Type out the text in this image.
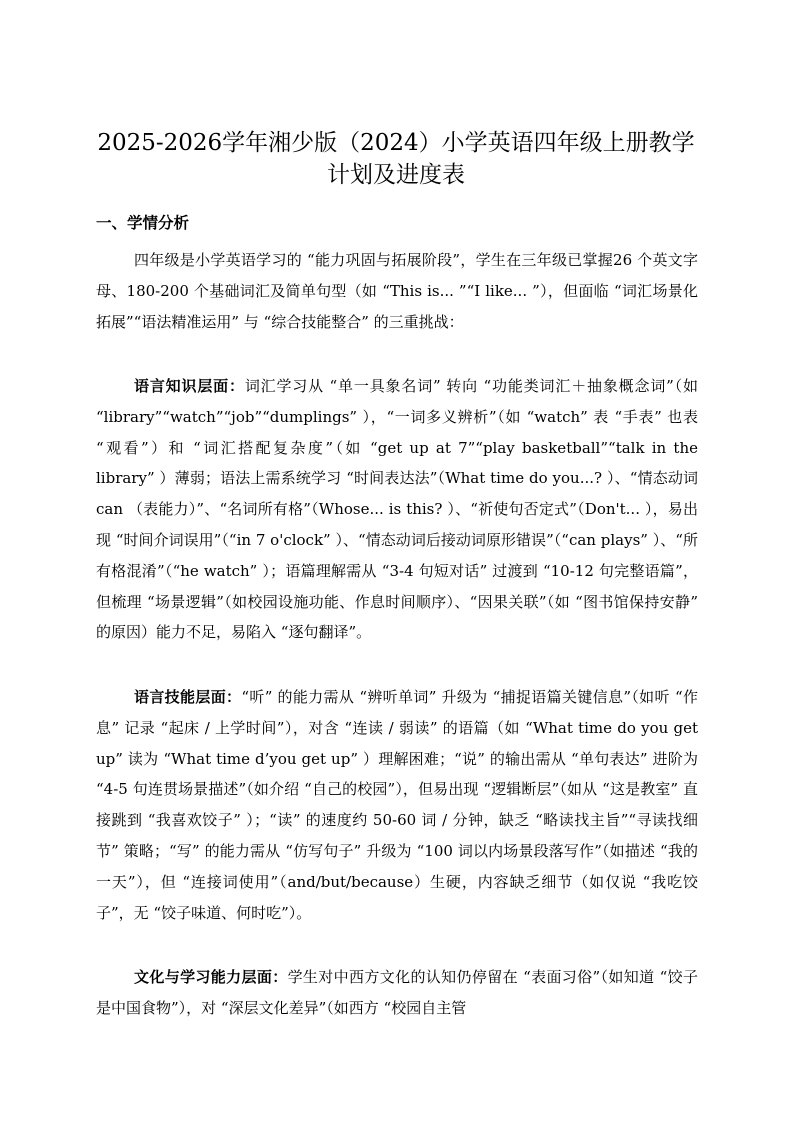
2025-2026学年湘少版（2024）小学英语四年级上册教学
计划及进度表
一、学情分析

四年级是小学英语学习的 “能力巩固与拓展阶段”，学生在三年级已掌握26 个英文字母、180-200 个基础词汇及简单句型（如 “This is... ”“I like... ”），但面临 “词汇场景化拓展”“语法精准运用” 与 “综合技能整合” 的三重挑战：

语言知识层面：词汇学习从 “单一具象名词” 转向 “功能类词汇＋抽象概念词”（如 “library”“watch”“job”“dumplings” ），“一词多义辨析”（如 “watch” 表 “手表” 也表 “观看”）和 “词汇搭配复杂度”（如 “get up at 7”“play basketball”“talk in the library” ）薄弱；语法上需系统学习 “时间表达法”（What time do you...? ）、“情态动词 can （表能力）”、“名词所有格”（Whose... is this? ）、“祈使句否定式”（Don't... ），易出现 “时间介词误用”（“in 7 o'clock” ）、“情态动词后接动词原形错误”（“can plays” ）、“所有格混淆”（“he watch” ）；语篇理解需从 “3-4 句短对话” 过渡到 “10-12 句完整语篇”，但梳理 “场景逻辑”（如校园设施功能、作息时间顺序）、“因果关联”（如 “图书馆保持安静” 的原因）能力不足，易陷入 “逐句翻译”。

语言技能层面：“听” 的能力需从 “辨听单词” 升级为 “捕捉语篇关键信息”（如听 “作息” 记录 “起床 / 上学时间”），对含 “连读 / 弱读” 的语篇（如 “What time do you get up” 读为 “What time d’you get up” ）理解困难；“说” 的输出需从 “单句表达” 进阶为 “4-5 句连贯场景描述”（如介绍 “自己的校园”），但易出现 “逻辑断层”（如从 “这是教室” 直接跳到 “我喜欢饺子” ）；“读” 的速度约 50-60 词 / 分钟，缺乏 “略读找主旨”“寻读找细节” 策略；“写” 的能力需从 “仿写句子” 升级为 “100 词以内场景段落写作”（如描述 “我的一天”），但 “连接词使用”（and/but/because）生硬，内容缺乏细节（如仅说 “我吃饺子”，无 “饺子味道、何时吃”）。

文化与学习能力层面：学生对中西方文化的认知仍停留在 “表面习俗”（如知道 “饺子是中国食物”），对 “深层文化差异”（如西方 “校园自主管
